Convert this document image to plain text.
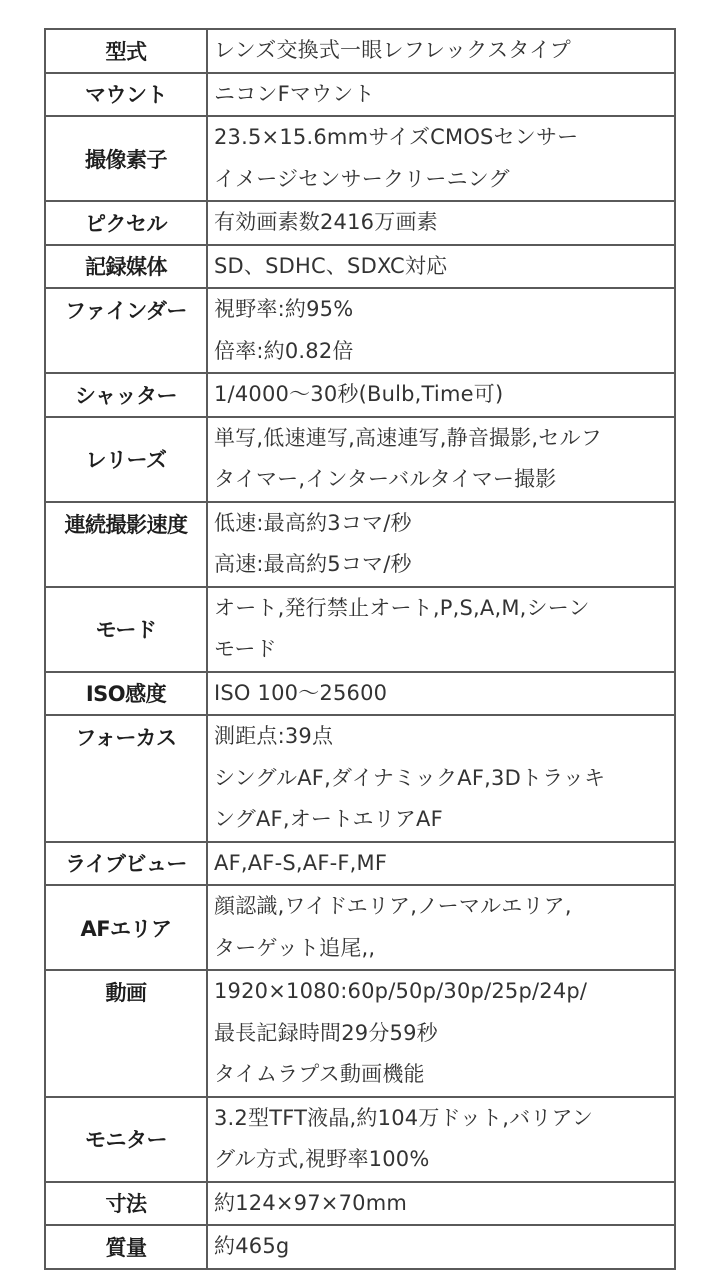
型式	レンズ交換式一眼レフレックスタイプ

マウント	ニコンFマウント

撮像素子	23.5×15.6mmサイズCMOSセンサー
イメージセンサークリーニング

ピクセル	有効画素数2416万画素

記録媒体	SD、SDHC、SDXC対応

ファインダー	視野率:約95%
倍率:約0.82倍

シャッター	1/4000〜30秒(Bulb,Time可)

レリーズ	単写,低速連写,高速連写,静音撮影,セルフ
タイマー,インターバルタイマー撮影

連続撮影速度	低速:最高約3コマ/秒
高速:最高約5コマ/秒

モード	オート,発行禁止オート,P,S,A,M,シーン
モード

ISO感度	ISO 100〜25600

フォーカス	測距点:39点
シングルAF,ダイナミックAF,3Dトラッキ
ングAF,オートエリアAF

ライブビュー	AF,AF-S,AF-F,MF

AFエリア	顔認識,ワイドエリア,ノーマルエリア,
ターゲット追尾,,

動画	1920×1080:60p/50p/30p/25p/24p/
最長記録時間29分59秒
タイムラプス動画機能

モニター	3.2型TFT液晶,約104万ドット,バリアン
グル方式,視野率100%

寸法	約124×97×70mm

質量	約465g
